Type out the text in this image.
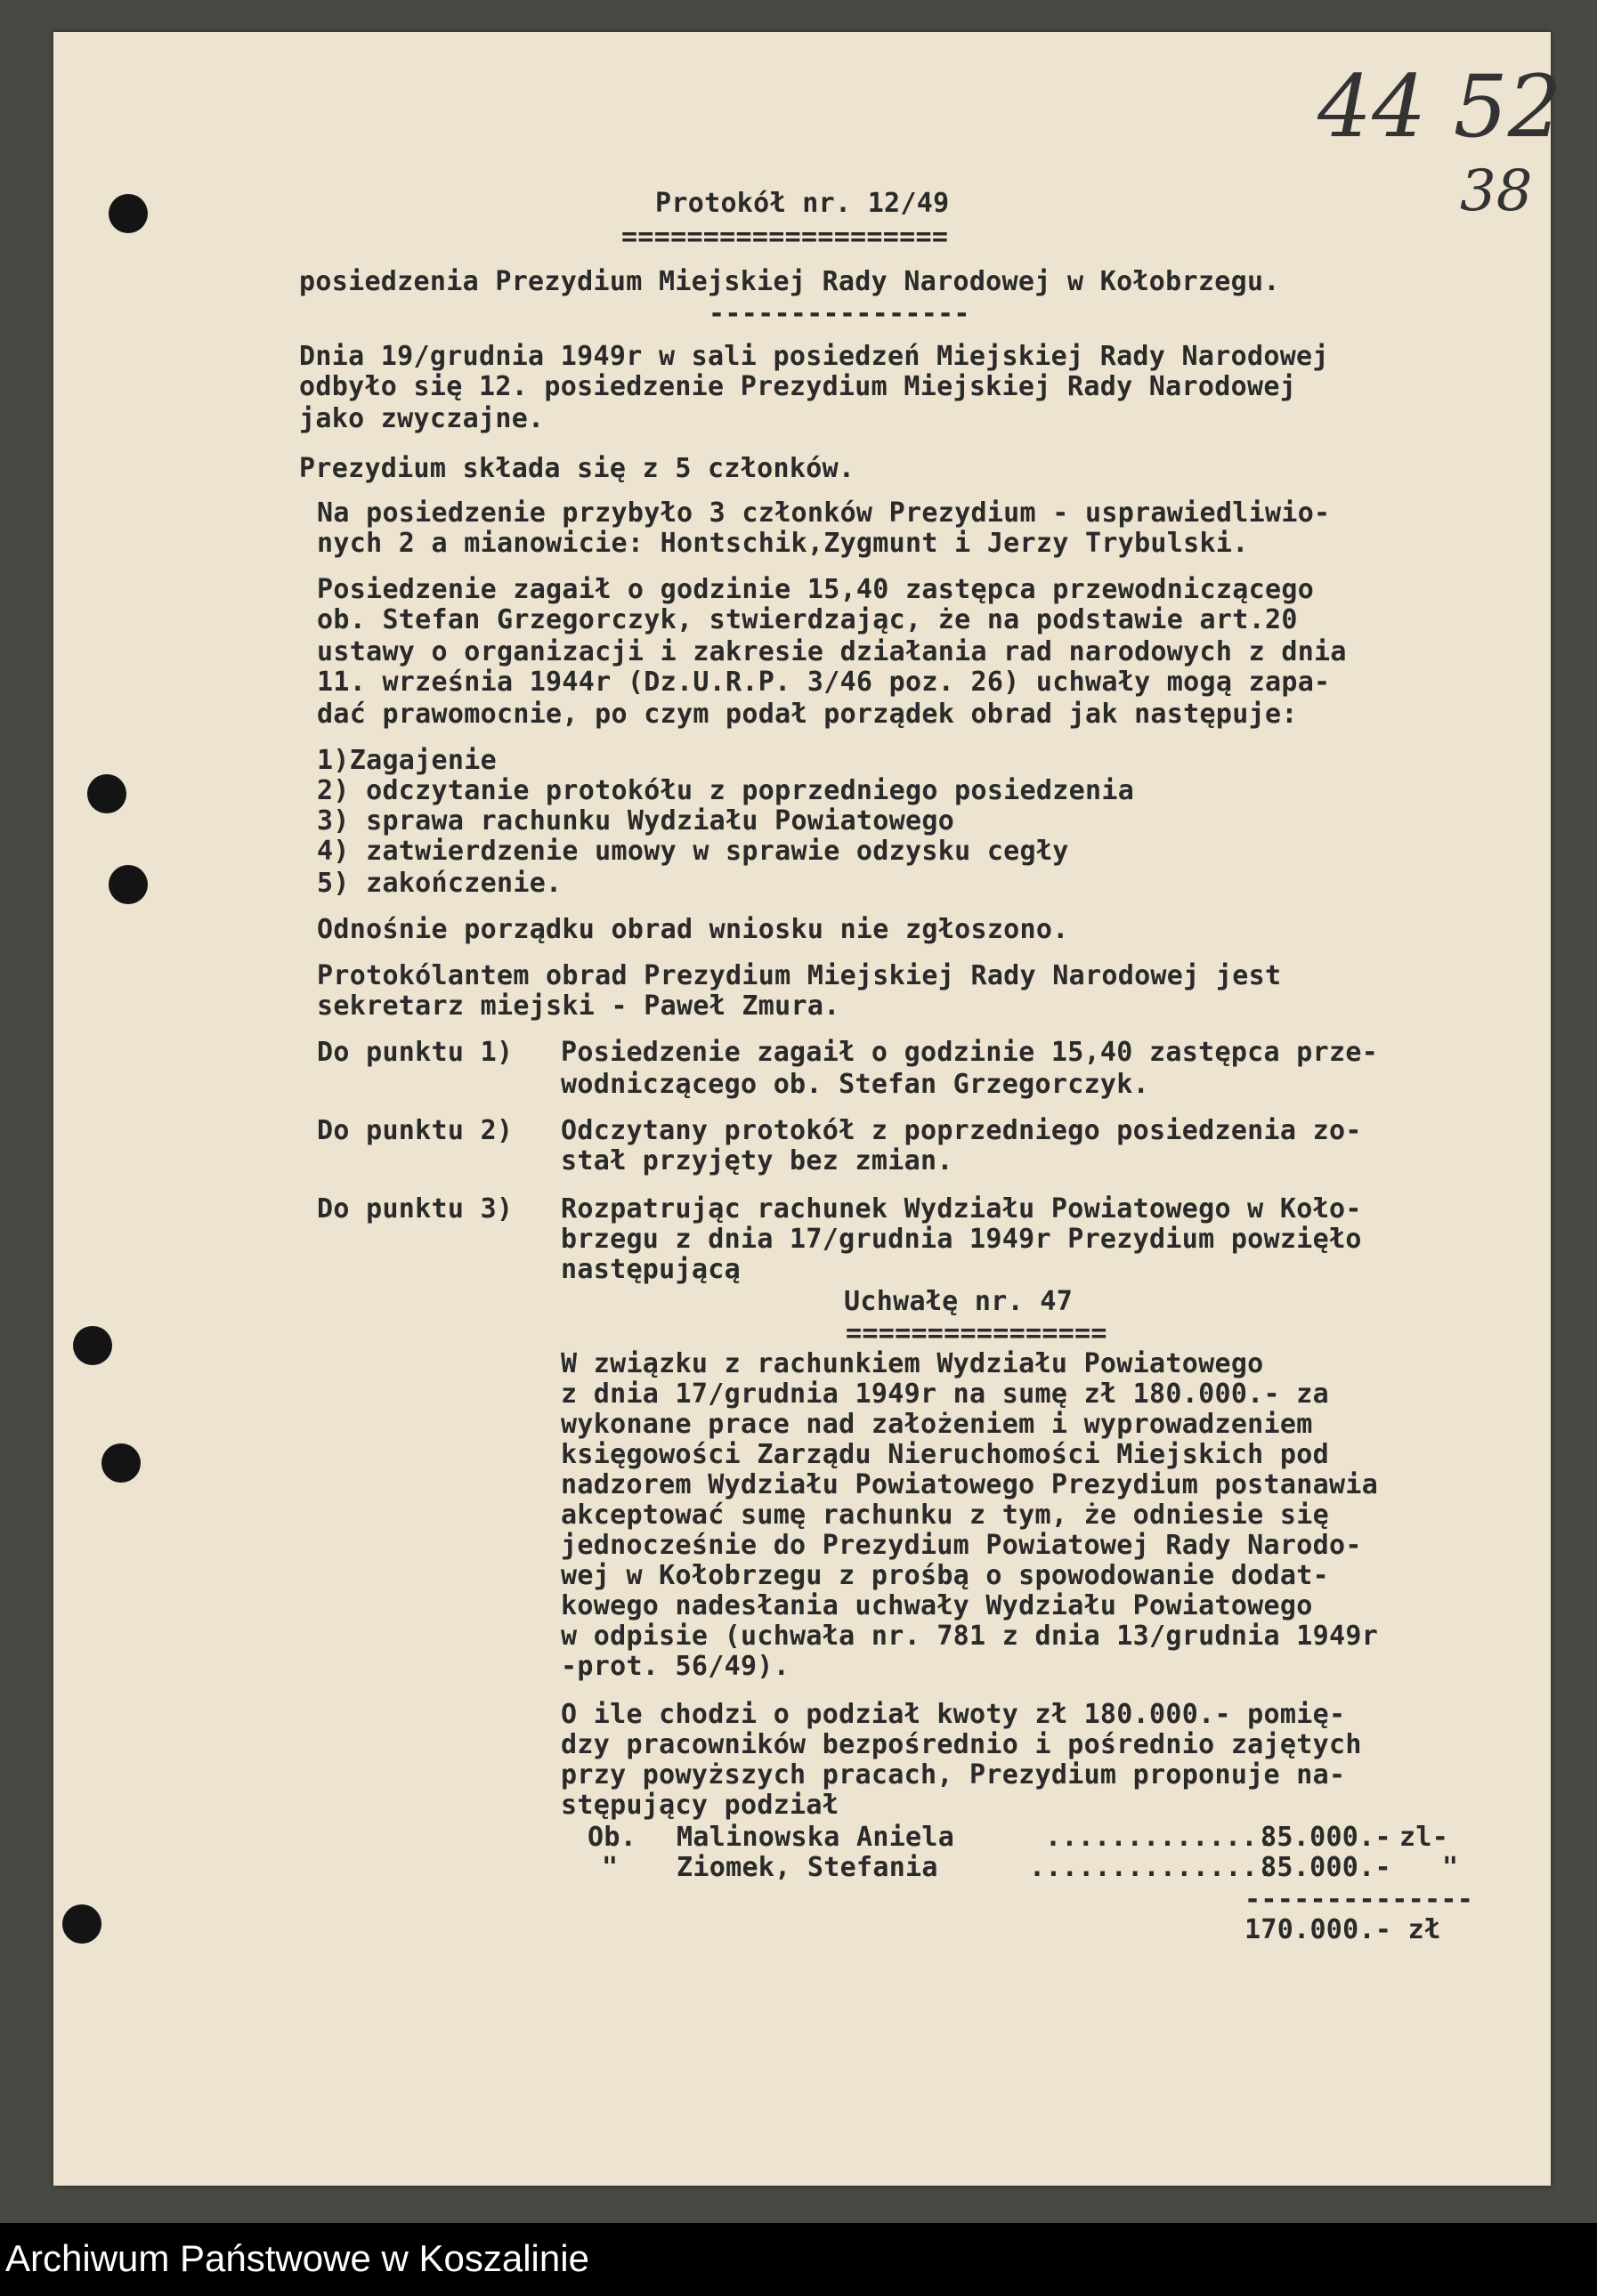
44 52
38
Protokół nr. 12/49
====================
posiedzenia Prezydium Miejskiej Rady Narodowej w Kołobrzegu.
----------------
Dnia 19/grudnia 1949r w sali posiedzeń Miejskiej Rady Narodowej
odbyło się 12. posiedzenie Prezydium Miejskiej Rady Narodowej
jako zwyczajne.
Prezydium składa się z 5 członków.
Na posiedzenie przybyło 3 członków Prezydium - usprawiedliwio-
nych 2 a mianowicie: Hontschik,Zygmunt i Jerzy Trybulski.
Posiedzenie zagaił o godzinie 15,40 zastępca przewodniczącego
ob. Stefan Grzegorczyk, stwierdzając, że na podstawie art.20
ustawy o organizacji i zakresie działania rad narodowych z dnia
11. września 1944r (Dz.U.R.P. 3/46 poz. 26) uchwały mogą zapa-
dać prawomocnie, po czym podał porządek obrad jak następuje:
1)Zagajenie
2) odczytanie protokółu z poprzedniego posiedzenia
3) sprawa rachunku Wydziału Powiatowego
4) zatwierdzenie umowy w sprawie odzysku cegły
5) zakończenie.
Odnośnie porządku obrad wniosku nie zgłoszono.
Protokólantem obrad Prezydium Miejskiej Rady Narodowej jest
sekretarz miejski - Paweł Zmura.
Do punktu 1) Posiedzenie zagaił o godzinie 15,40 zastępca prze-
wodniczącego ob. Stefan Grzegorczyk.
Do punktu 2) Odczytany protokół z poprzedniego posiedzenia zo-
stał przyjęty bez zmian.
Do punktu 3) Rozpatrując rachunek Wydziału Powiatowego w Koło-
brzegu z dnia 17/grudnia 1949r Prezydium powzięło
następującą
Uchwałę nr. 47
================
W związku z rachunkiem Wydziału Powiatowego
z dnia 17/grudnia 1949r na sumę zł 180.000.- za
wykonane prace nad założeniem i wyprowadzeniem
księgowości Zarządu Nieruchomości Miejskich pod
nadzorem Wydziału Powiatowego Prezydium postanawia
akceptować sumę rachunku z tym, że odniesie się
jednocześnie do Prezydium Powiatowej Rady Narodo-
wej w Kołobrzegu z prośbą o spowodowanie dodat-
kowego nadesłania uchwały Wydziału Powiatowego
w odpisie (uchwała nr. 781 z dnia 13/grudnia 1949r
-prot. 56/49).
O ile chodzi o podział kwoty zł 180.000.- pomię-
dzy pracowników bezpośrednio i pośrednio zajętych
przy powyższych pracach, Prezydium proponuje na-
stępujący podział
Ob. Malinowska Aniela	..............
85.000.- zl-
" Ziomek, Stefania	...............
85.000.- "
--------------
170.000.- zł
Archiwum Państwowe w Koszalinie
